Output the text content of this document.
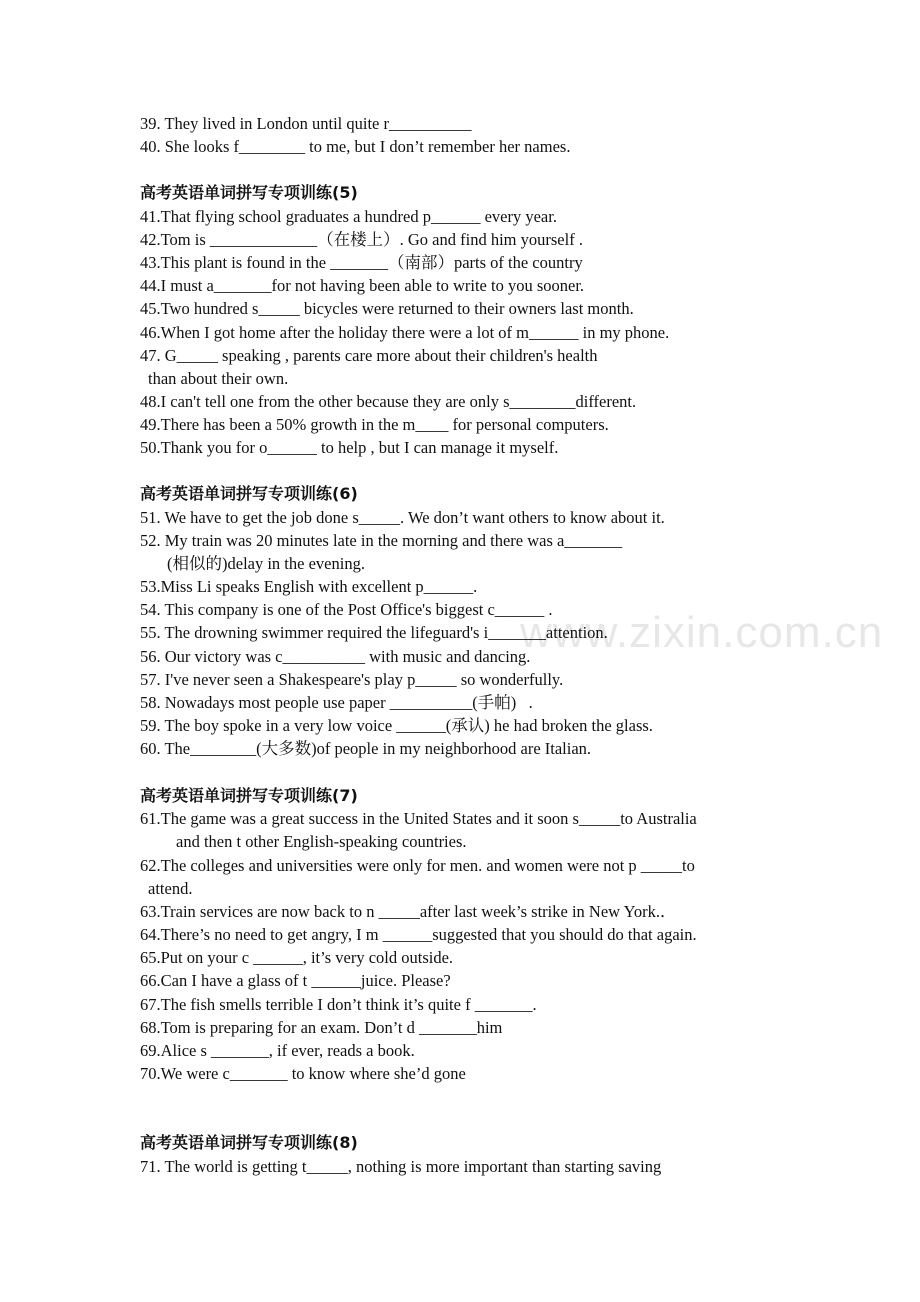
www.zixin.com.cn
39. They lived in London until quite r__________
40. She looks f________ to me, but I don’t remember her names.
高考英语单词拼写专项训练(5)
41.That flying school graduates a hundred p______ every year.
42.Tom is _____________（在楼上）. Go and find him yourself .
43.This plant is found in the _______（南部）parts of the country
44.I must a_______for not having been able to write to you sooner.
45.Two hundred s_____ bicycles were returned to their owners last month.
46.When I got home after the holiday there were a lot of m______ in my phone.
47. G_____ speaking , parents care more about their children's health
than about their own.
48.I can't tell one from the other because they are only s________different.
49.There has been a 50% growth in the m____ for personal computers.
50.Thank you for o______ to help , but I can manage it myself.
高考英语单词拼写专项训练(6)
51. We have to get the job done s_____. We don’t want others to know about it.
52. My train was 20 minutes late in the morning and there was a_______
(相似的)delay in the evening.
53.Miss Li speaks English with excellent p______.
54. This company is one of the Post Office's biggest c______ .
55. The drowning swimmer required the lifeguard's i_______attention.
56. Our victory was c__________ with music and dancing.
57. I've never seen a Shakespeare's play p_____ so wonderfully.
58. Nowadays most people use paper __________(手帕)   .
59. The boy spoke in a very low voice ______(承认) he had broken the glass.
60. The________(大多数)of people in my neighborhood are Italian.
高考英语单词拼写专项训练(7)
61.The game was a great success in the United States and it soon s_____to Australia
and then t other English-speaking countries.
62.The colleges and universities were only for men. and women were not p _____to
attend.
63.Train services are now back to n _____after last week’s strike in New York.．
64.There’s no need to get angry, I m ______suggested that you should do that again.
65.Put on your c ______, it’s very cold outside.
66.Can I have a glass of t ______juice. Please?
67.The fish smells terrible I don’t think it’s quite f _______.
68.Tom is preparing for an exam. Don’t d _______him
69.Alice s _______, if ever, reads a book.
70.We were c_______ to know where she’d gone
高考英语单词拼写专项训练(8)
71. The world is getting t_____, nothing is more important than starting saving
